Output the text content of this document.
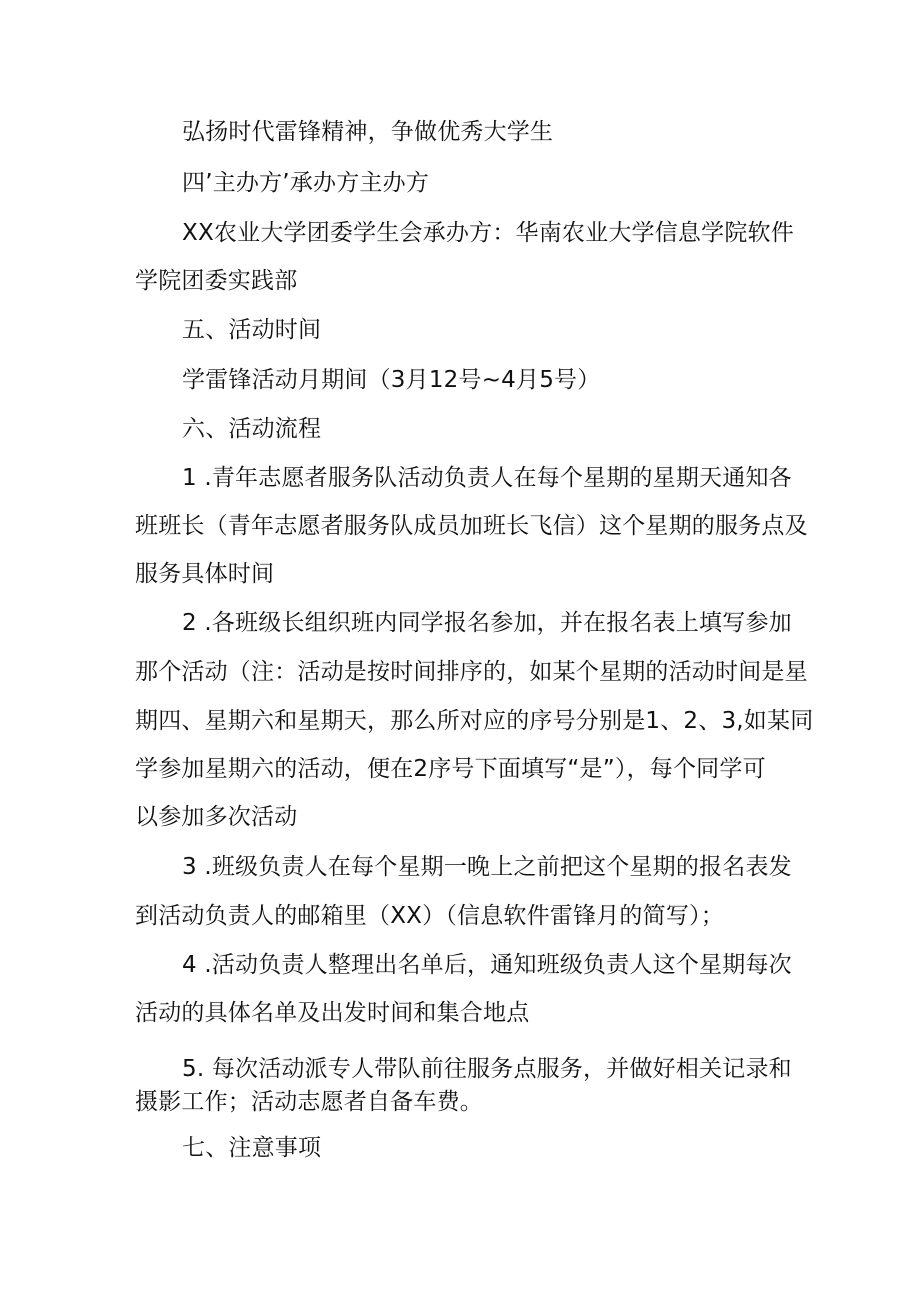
弘扬时代雷锋精神，争做优秀大学生
四’主办方’承办方主办方
XX农业大学团委学生会承办方：华南农业大学信息学院软件
学院团委实践部
五、活动时间
学雷锋活动月期间（3月12号~4月5号）
六、活动流程
1 .青年志愿者服务队活动负责人在每个星期的星期天通知各
班班长（青年志愿者服务队成员加班长飞信）这个星期的服务点及
服务具体时间
2 .各班级长组织班内同学报名参加，并在报名表上填写参加
那个活动（注：活动是按时间排序的，如某个星期的活动时间是星
期四、星期六和星期天，那么所对应的序号分别是1、2、3,如某同
学参加星期六的活动，便在2序号下面填写“是”），每个同学可
以参加多次活动
3 .班级负责人在每个星期一晚上之前把这个星期的报名表发
到活动负责人的邮箱里（XX）（信息软件雷锋月的简写）；
4 .活动负责人整理出名单后，通知班级负责人这个星期每次
活动的具体名单及出发时间和集合地点
5. 每次活动派专人带队前往服务点服务，并做好相关记录和
摄影工作；活动志愿者自备车费。
七、注意事项
